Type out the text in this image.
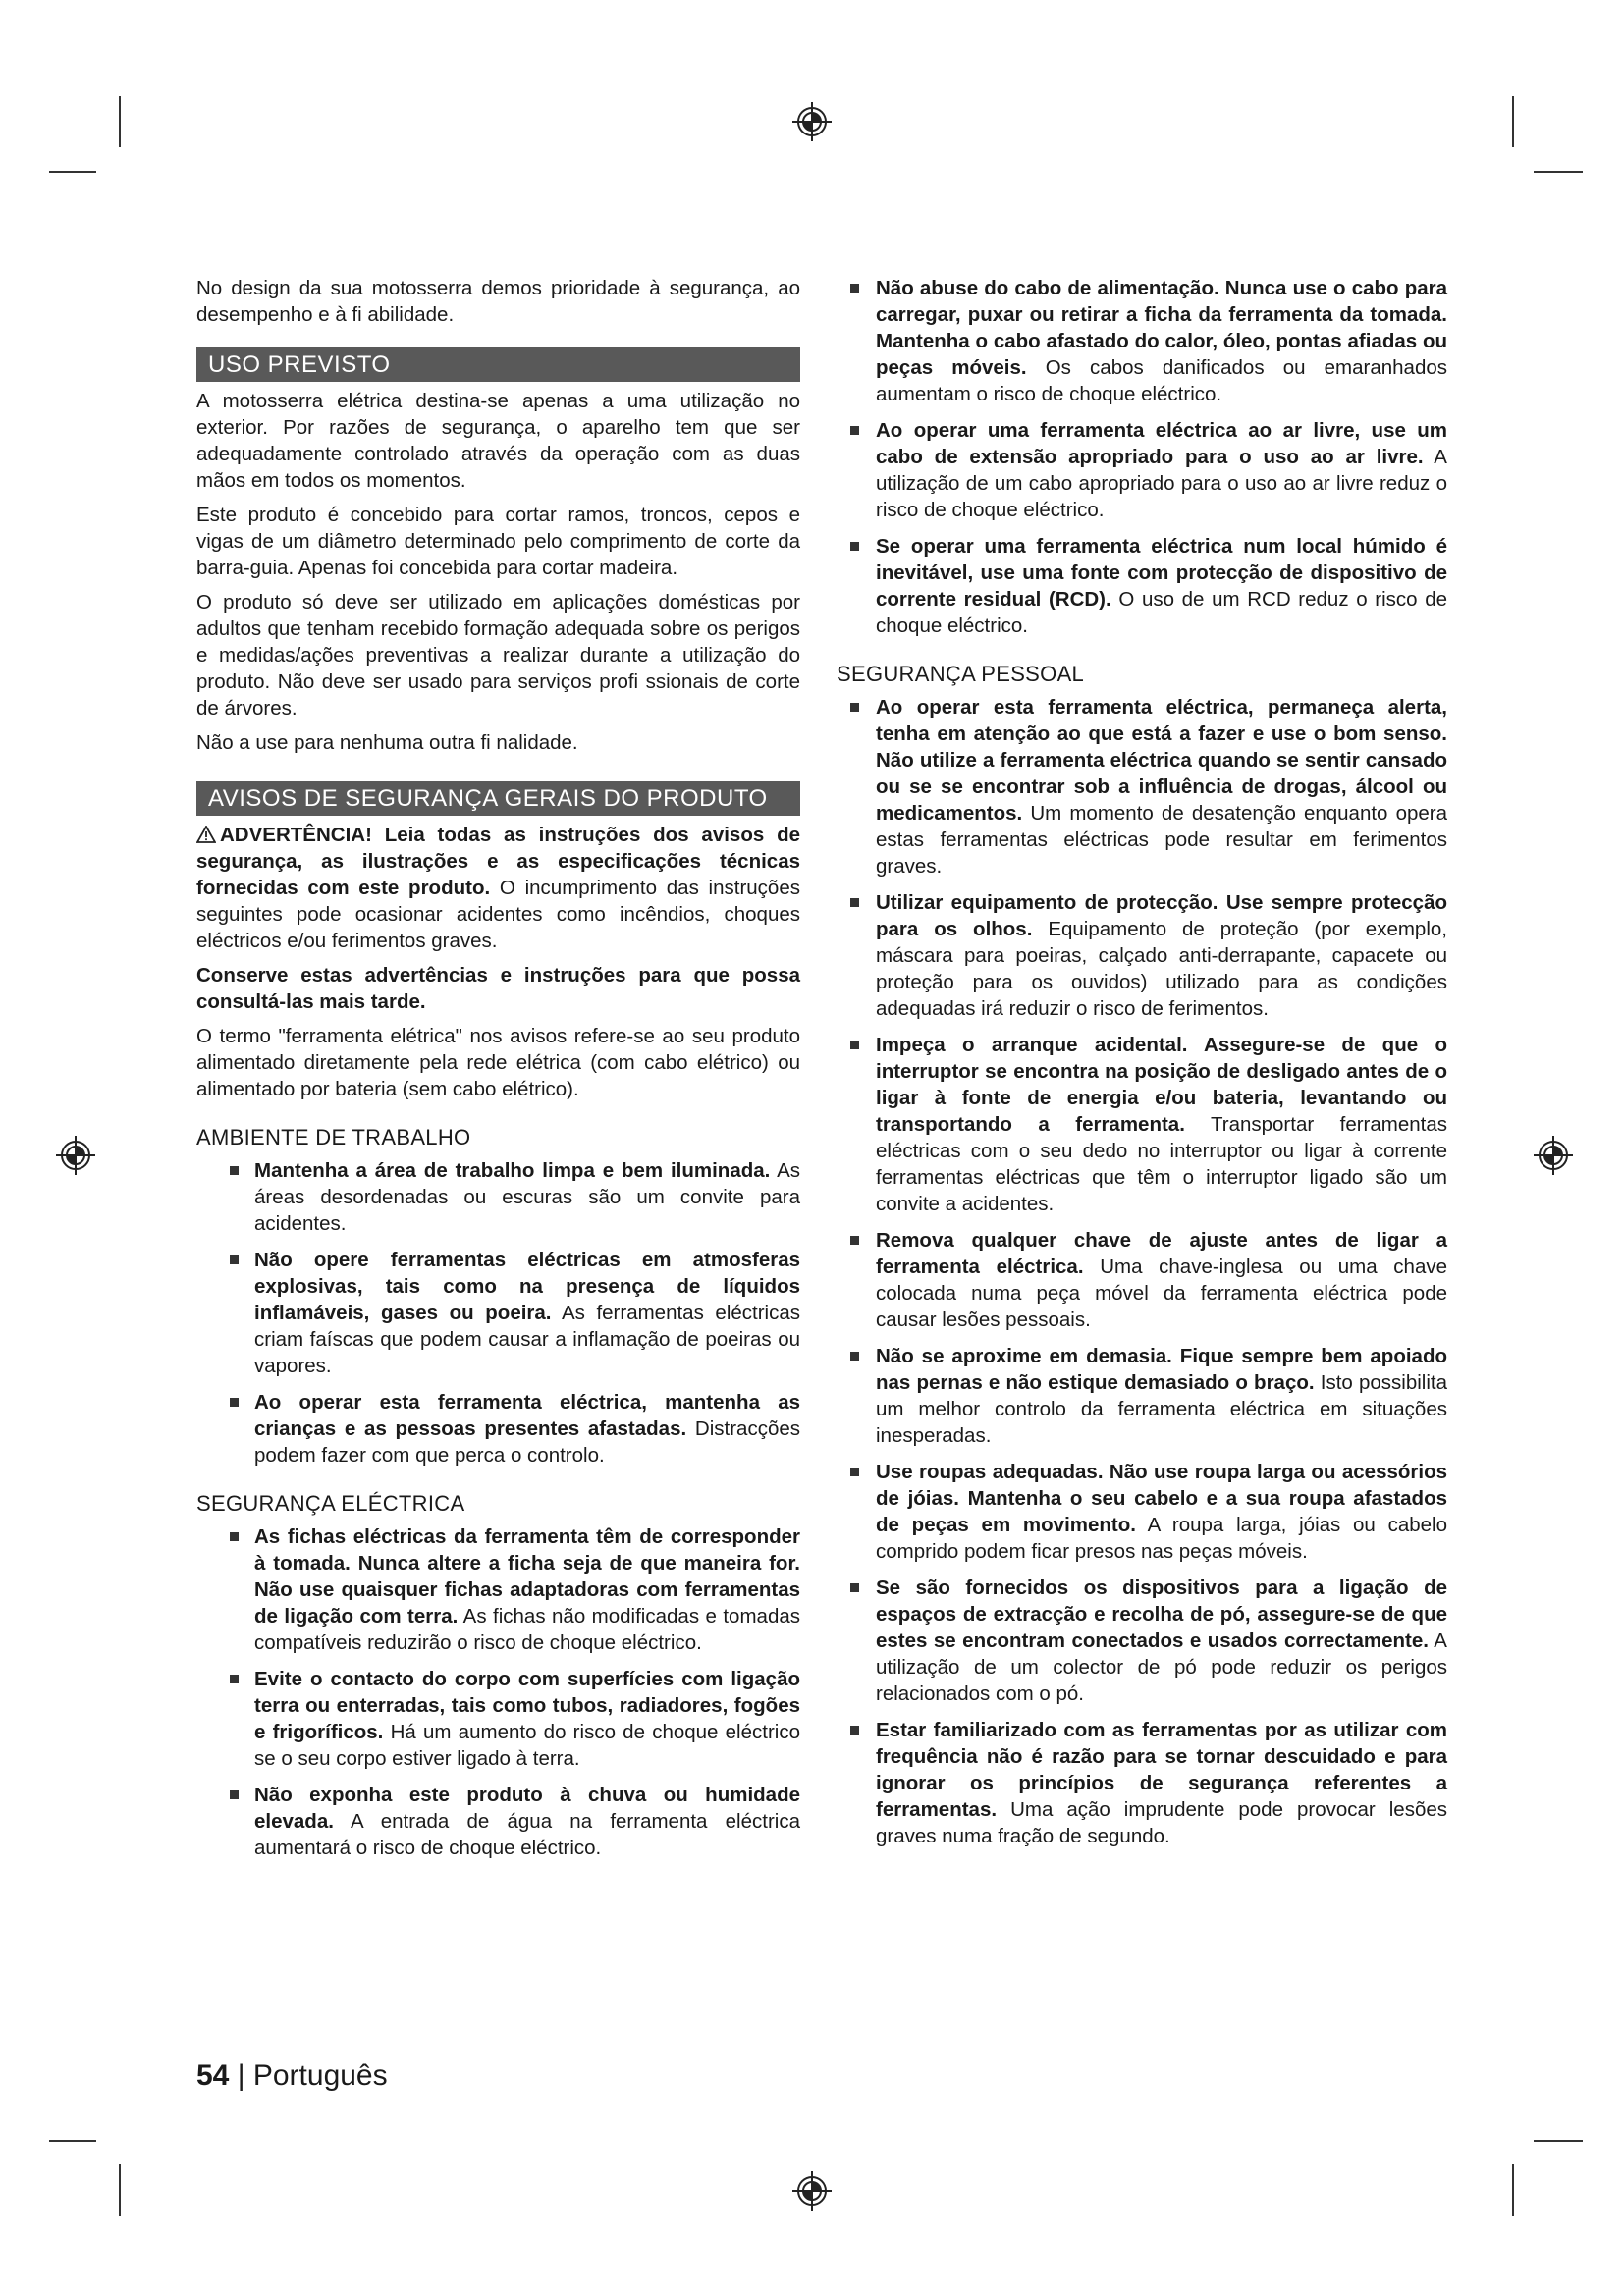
No design da sua motosserra demos prioridade à segurança, ao desempenho e à fi abilidade.

USO PREVISTO

A motosserra elétrica destina-se apenas a uma utilização no exterior. Por razões de segurança, o aparelho tem que ser adequadamente controlado através da operação com as duas mãos em todos os momentos.

Este produto é concebido para cortar ramos, troncos, cepos e vigas de um diâmetro determinado pelo comprimento de corte da barra-guia. Apenas foi concebida para cortar madeira.

O produto só deve ser utilizado em aplicações domésticas por adultos que tenham recebido formação adequada sobre os perigos e medidas/ações preventivas a realizar durante a utilização do produto. Não deve ser usado para serviços profi ssionais de corte de árvores.

Não a use para nenhuma outra fi nalidade.

AVISOS DE SEGURANÇA GERAIS DO PRODUTO

ADVERTÊNCIA! Leia todas as instruções dos avisos de segurança, as ilustrações e as especificações técnicas fornecidas com este produto. O incumprimento das instruções seguintes pode ocasionar acidentes como incêndios, choques eléctricos e/ou ferimentos graves.

Conserve estas advertências e instruções para que possa consultá-las mais tarde.

O termo "ferramenta elétrica" nos avisos refere-se ao seu produto alimentado diretamente pela rede elétrica (com cabo elétrico) ou alimentado por bateria (sem cabo elétrico).

AMBIENTE DE TRABALHO
Mantenha a área de trabalho limpa e bem iluminada. As áreas desordenadas ou escuras são um convite para acidentes.
Não opere ferramentas eléctricas em atmosferas explosivas, tais como na presença de líquidos inflamáveis, gases ou poeira. As ferramentas eléctricas criam faíscas que podem causar a inflamação de poeiras ou vapores.
Ao operar esta ferramenta eléctrica, mantenha as crianças e as pessoas presentes afastadas. Distracções podem fazer com que perca o controlo.
SEGURANÇA ELÉCTRICA
As fichas eléctricas da ferramenta têm de corresponder à tomada. Nunca altere a ficha seja de que maneira for. Não use quaisquer fichas adaptadoras com ferramentas de ligação com terra. As fichas não modificadas e tomadas compatíveis reduzirão o risco de choque eléctrico.
Evite o contacto do corpo com superfícies com ligação terra ou enterradas, tais como tubos, radiadores, fogões e frigoríficos. Há um aumento do risco de choque eléctrico se o seu corpo estiver ligado à terra.
Não exponha este produto à chuva ou humidade elevada. A entrada de água na ferramenta eléctrica aumentará o risco de choque eléctrico.
Não abuse do cabo de alimentação. Nunca use o cabo para carregar, puxar ou retirar a ficha da ferramenta da tomada. Mantenha o cabo afastado do calor, óleo, pontas afiadas ou peças móveis. Os cabos danificados ou emaranhados aumentam o risco de choque eléctrico.
Ao operar uma ferramenta eléctrica ao ar livre, use um cabo de extensão apropriado para o uso ao ar livre. A utilização de um cabo apropriado para o uso ao ar livre reduz o risco de choque eléctrico.
Se operar uma ferramenta eléctrica num local húmido é inevitável, use uma fonte com protecção de dispositivo de corrente residual (RCD). O uso de um RCD reduz o risco de choque eléctrico.
SEGURANÇA PESSOAL
Ao operar esta ferramenta eléctrica, permaneça alerta, tenha em atenção ao que está a fazer e use o bom senso. Não utilize a ferramenta eléctrica quando se sentir cansado ou se se encontrar sob a influência de drogas, álcool ou medicamentos. Um momento de desatenção enquanto opera estas ferramentas eléctricas pode resultar em ferimentos graves.
Utilizar equipamento de protecção. Use sempre protecção para os olhos. Equipamento de proteção (por exemplo, máscara para poeiras, calçado anti-derrapante, capacete ou proteção para os ouvidos) utilizado para as condições adequadas irá reduzir o risco de ferimentos.
Impeça o arranque acidental. Assegure-se de que o interruptor se encontra na posição de desligado antes de o ligar à fonte de energia e/ou bateria, levantando ou transportando a ferramenta. Transportar ferramentas eléctricas com o seu dedo no interruptor ou ligar à corrente ferramentas eléctricas que têm o interruptor ligado são um convite a acidentes.
Remova qualquer chave de ajuste antes de ligar a ferramenta eléctrica. Uma chave-inglesa ou uma chave colocada numa peça móvel da ferramenta eléctrica pode causar lesões pessoais.
Não se aproxime em demasia. Fique sempre bem apoiado nas pernas e não estique demasiado o braço. Isto possibilita um melhor controlo da ferramenta eléctrica em situações inesperadas.
Use roupas adequadas. Não use roupa larga ou acessórios de jóias. Mantenha o seu cabelo e a sua roupa afastados de peças em movimento. A roupa larga, jóias ou cabelo comprido podem ficar presos nas peças móveis.
Se são fornecidos os dispositivos para a ligação de espaços de extracção e recolha de pó, assegure-se de que estes se encontram conectados e usados correctamente. A utilização de um colector de pó pode reduzir os perigos relacionados com o pó.
Estar familiarizado com as ferramentas por as utilizar com frequência não é razão para se tornar descuidado e para ignorar os princípios de segurança referentes a ferramentas. Uma ação imprudente pode provocar lesões graves numa fração de segundo.
54 | Português
